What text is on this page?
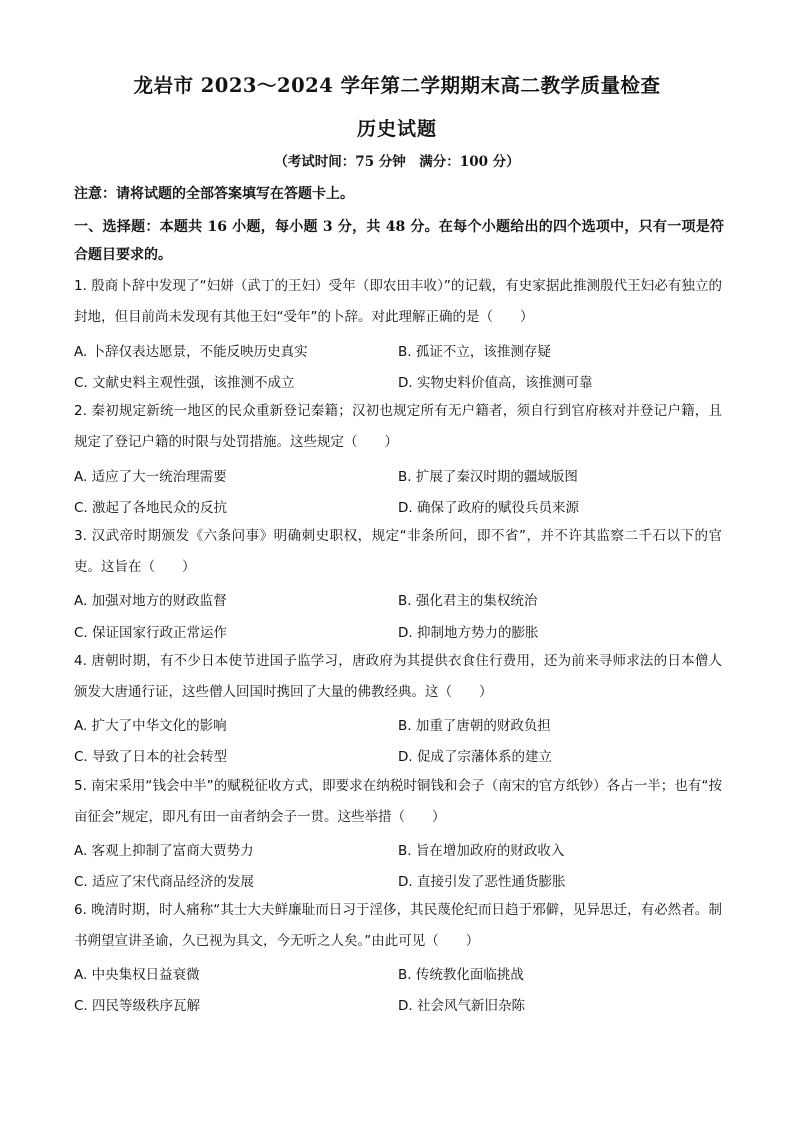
龙岩市 2023～2024 学年第二学期期末高二教学质量检查
历史试题
（考试时间：75 分钟　满分：100 分）
注意：请将试题的全部答案填写在答题卡上。
一、选择题：本题共 16 小题，每小题 3 分，共 48 分。在每个小题给出的四个选项中，只有一项是符合题目要求的。
1. 殷商卜辞中发现了“妇姘（武丁的王妇）受年（即农田丰收）”的记载，有史家据此推测殷代王妇必有独立的封地，但目前尚未发现有其他王妇“受年”的卜辞。对此理解正确的是（　　）
A. 卜辞仅表达愿景，不能反映历史真实	B. 孤证不立，该推测存疑
C. 文献史料主观性强，该推测不成立	D. 实物史料价值高，该推测可靠
2. 秦初规定新统一地区的民众重新登记秦籍；汉初也规定所有无户籍者，须自行到官府核对并登记户籍，且规定了登记户籍的时限与处罚措施。这些规定（　　）
A. 适应了大一统治理需要	B. 扩展了秦汉时期的疆域版图
C. 激起了各地民众的反抗	D. 确保了政府的赋役兵员来源
3. 汉武帝时期颁发《六条问事》明确刺史职权，规定“非条所问，即不省”，并不许其监察二千石以下的官吏。这旨在（　　）
A. 加强对地方的财政监督	B. 强化君主的集权统治
C. 保证国家行政正常运作	D. 抑制地方势力的膨胀
4. 唐朝时期，有不少日本使节进国子监学习，唐政府为其提供衣食住行费用，还为前来寻师求法的日本僧人颁发大唐通行证，这些僧人回国时携回了大量的佛教经典。这（　　）
A. 扩大了中华文化的影响	B. 加重了唐朝的财政负担
C. 导致了日本的社会转型	D. 促成了宗藩体系的建立
5. 南宋采用“钱会中半”的赋税征收方式，即要求在纳税时铜钱和会子（南宋的官方纸钞）各占一半；也有“按亩征会”规定，即凡有田一亩者纳会子一贯。这些举措（　　）
A. 客观上抑制了富商大贾势力	B. 旨在增加政府的财政收入
C. 适应了宋代商品经济的发展	D. 直接引发了恶性通货膨胀
6. 晚清时期，时人痛称“其士大夫鲜廉耻而日习于淫侈，其民蔑伦纪而日趋于邪僻，见异思迁，有必然者。制书朔望宣讲圣谕，久已视为具文，今无听之人矣。”由此可见（　　）
A. 中央集权日益衰微	B. 传统教化面临挑战
C. 四民等级秩序瓦解	D. 社会风气新旧杂陈
